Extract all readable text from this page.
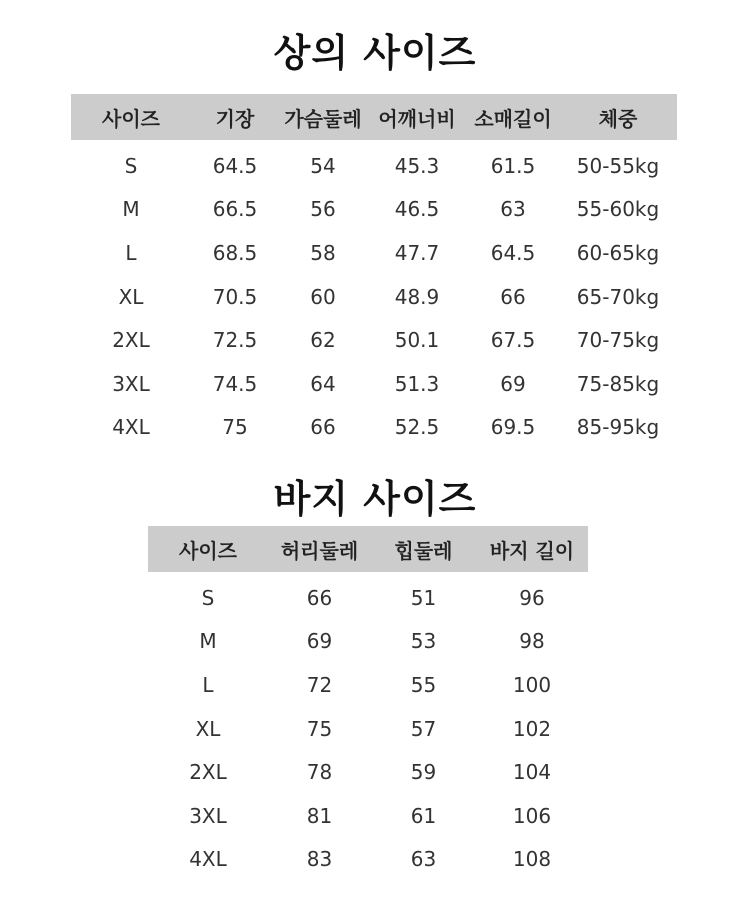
상의 사이즈
사이즈	기장	가슴둘레	어깨너비	소매길이	체중
S	64.5	54	45.3	61.5	50-55kg
M	66.5	56	46.5	63	55-60kg
L	68.5	58	47.7	64.5	60-65kg
XL	70.5	60	48.9	66	65-70kg
2XL	72.5	62	50.1	67.5	70-75kg
3XL	74.5	64	51.3	69	75-85kg
4XL	75	66	52.5	69.5	85-95kg
바지 사이즈
사이즈	허리둘레	힙둘레	바지 길이
S	66	51	96
M	69	53	98
L	72	55	100
XL	75	57	102
2XL	78	59	104
3XL	81	61	106
4XL	83	63	108
